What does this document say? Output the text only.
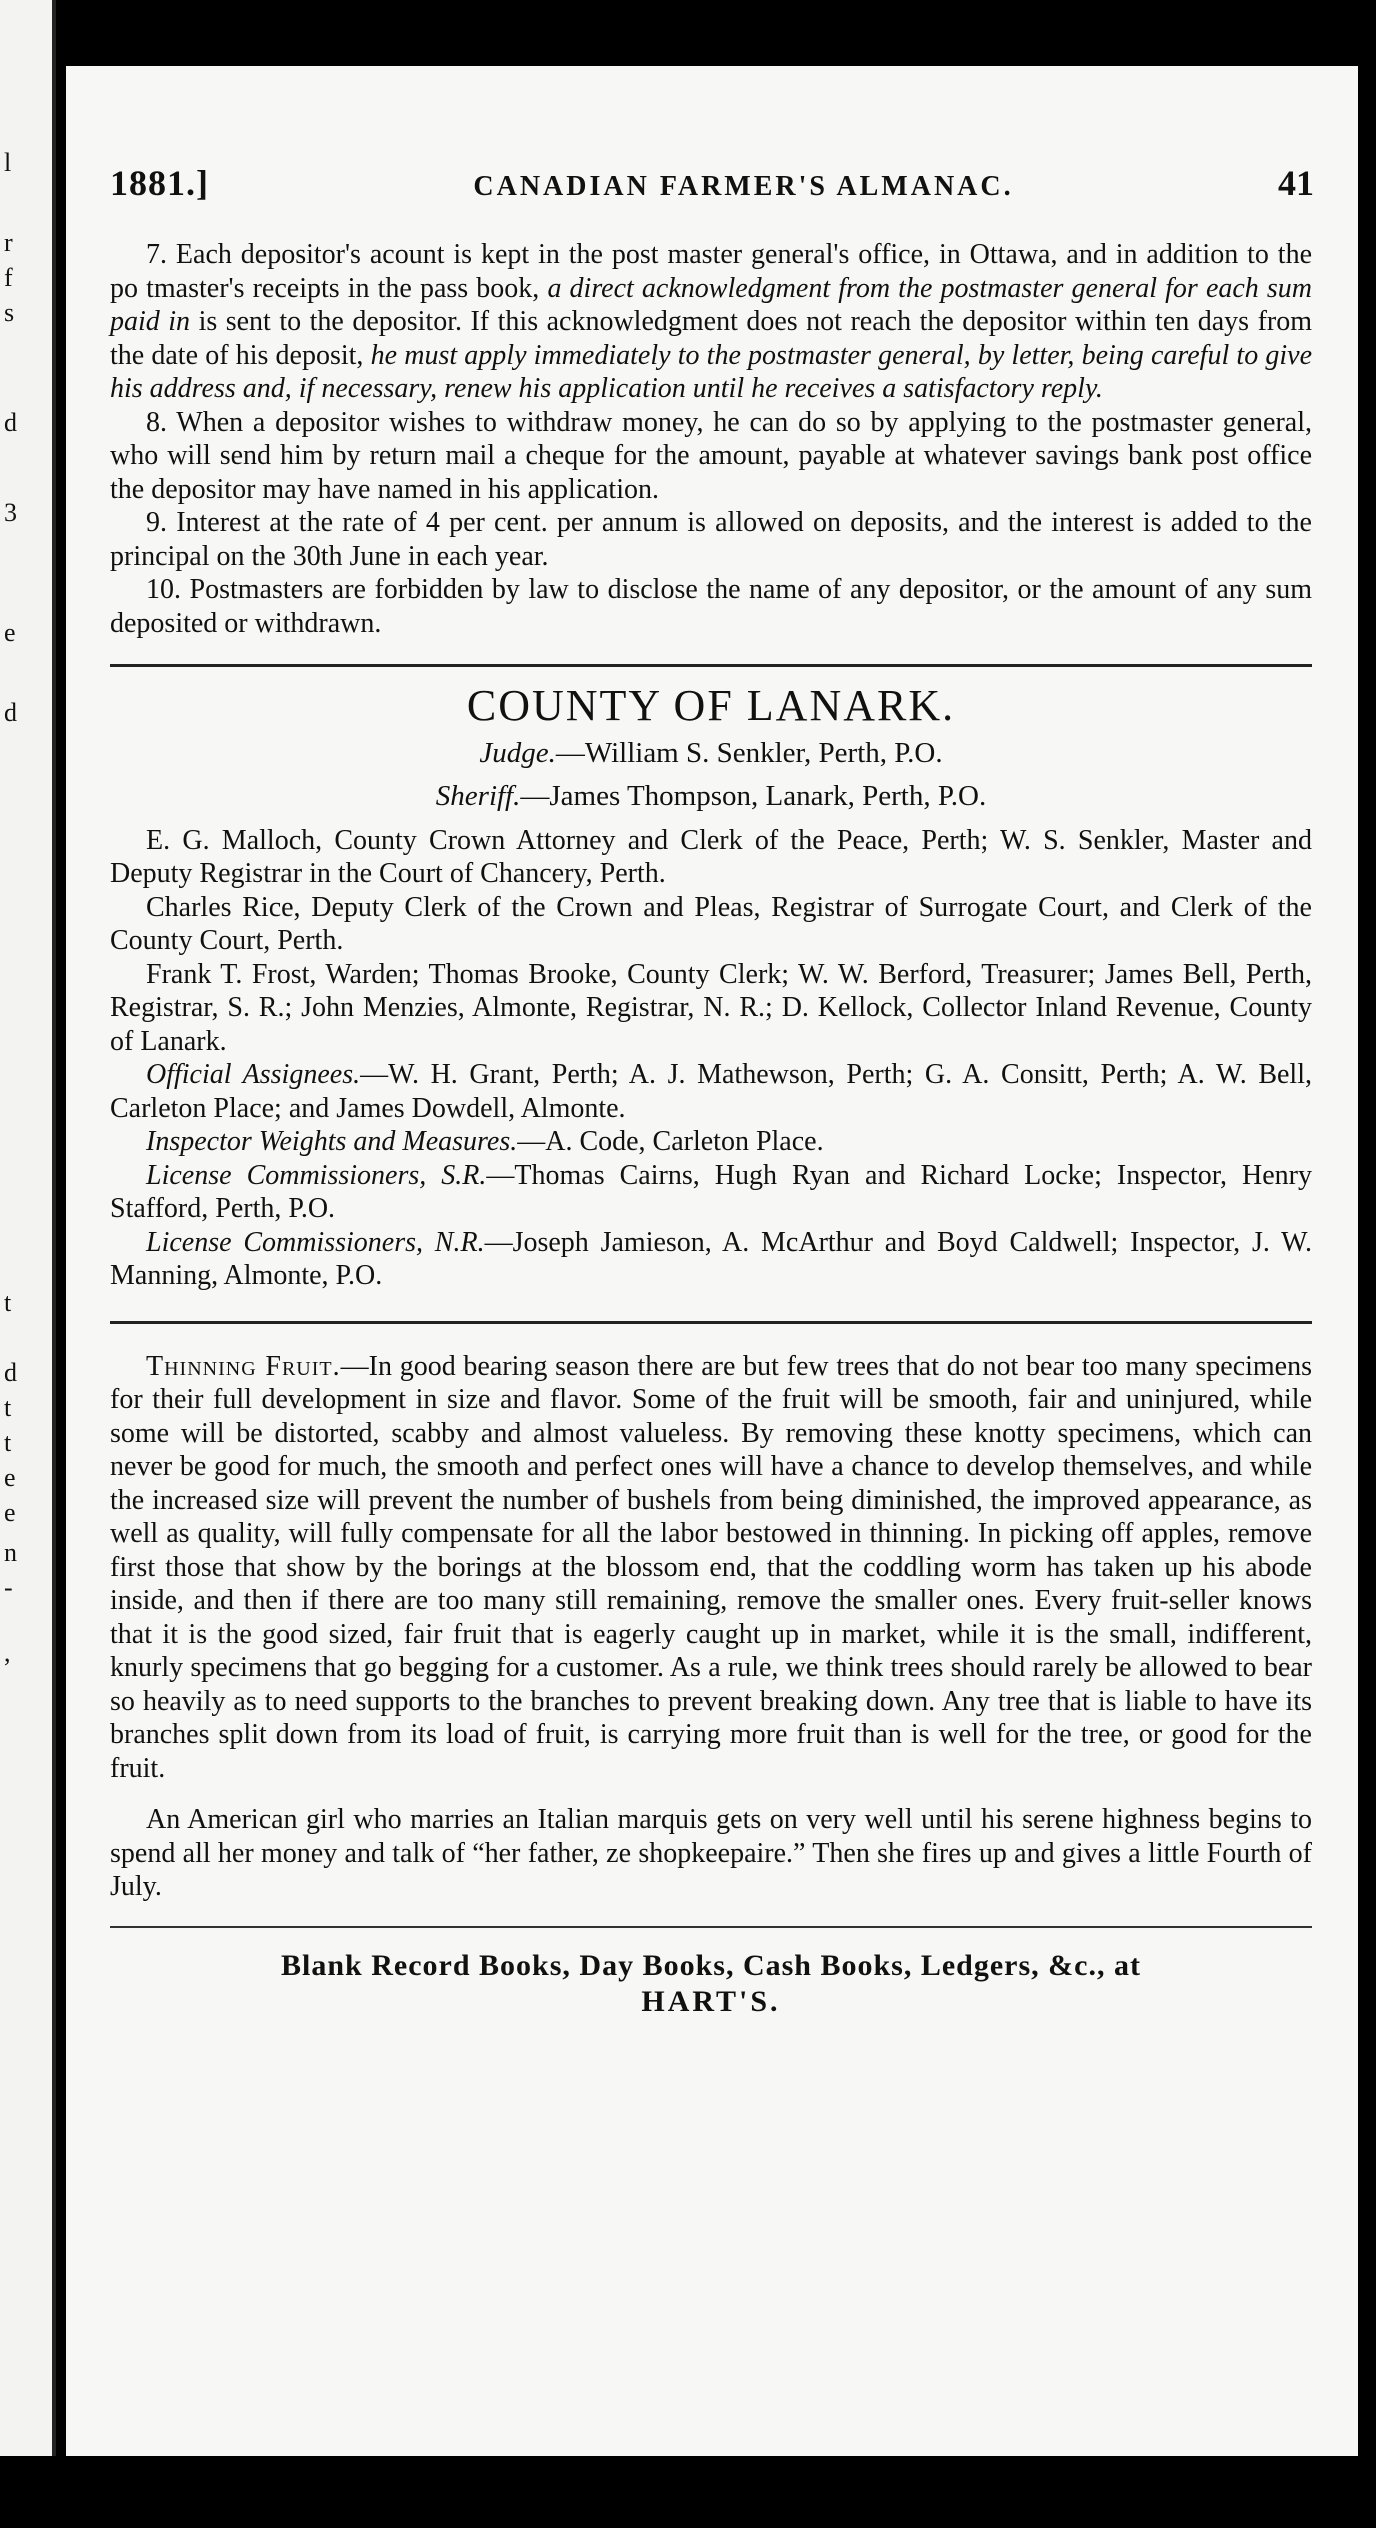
l
r
f
s
d
3
e
d
t
d
t
t
e
e
n
-
,
1881.]	CANADIAN FARMER'S ALMANAC.	41

7. Each depositor's acount is kept in the post master general's office, in Ottawa, and in addition to the po tmaster's receipts in the pass book, a direct acknowledgment from the postmaster general for each sum paid in is sent to the depositor. If this acknowledgment does not reach the depositor within ten days from the date of his deposit, he must apply immediately to the postmaster general, by letter, being careful to give his address and, if necessary, renew his application until he receives a satisfactory reply.

8. When a depositor wishes to withdraw money, he can do so by applying to the postmaster general, who will send him by return mail a cheque for the amount, payable at whatever savings bank post office the depositor may have named in his application.

9. Interest at the rate of 4 per cent. per annum is allowed on deposits, and the interest is added to the principal on the 30th June in each year.

10. Postmasters are forbidden by law to disclose the name of any depositor, or the amount of any sum deposited or withdrawn.

COUNTY OF LANARK.

Judge.—William S. Senkler, Perth, P.O.

Sheriff.—James Thompson, Lanark, Perth, P.O.

E. G. Malloch, County Crown Attorney and Clerk of the Peace, Perth; W. S. Senkler, Master and Deputy Registrar in the Court of Chancery, Perth.

Charles Rice, Deputy Clerk of the Crown and Pleas, Registrar of Surrogate Court, and Clerk of the County Court, Perth.

Frank T. Frost, Warden; Thomas Brooke, County Clerk; W. W. Berford, Treasurer; James Bell, Perth, Registrar, S. R.; John Menzies, Almonte, Registrar, N. R.; D. Kellock, Collector Inland Revenue, County of Lanark.

Official Assignees.—W. H. Grant, Perth; A. J. Mathewson, Perth; G. A. Consitt, Perth; A. W. Bell, Carleton Place; and James Dowdell, Almonte.

Inspector Weights and Measures.—A. Code, Carleton Place.

License Commissioners, S.R.—Thomas Cairns, Hugh Ryan and Richard Locke; Inspector, Henry Stafford, Perth, P.O.

License Commissioners, N.R.—Joseph Jamieson, A. McArthur and Boyd Caldwell; Inspector, J. W. Manning, Almonte, P.O.

Thinning Fruit.—In good bearing season there are but few trees that do not bear too many specimens for their full development in size and flavor. Some of the fruit will be smooth, fair and uninjured, while some will be distorted, scabby and almost valueless. By removing these knotty specimens, which can never be good for much, the smooth and perfect ones will have a chance to develop themselves, and while the increased size will prevent the number of bushels from being diminished, the improved appearance, as well as quality, will fully compensate for all the labor bestowed in thinning. In picking off apples, remove first those that show by the borings at the blossom end, that the coddling worm has taken up his abode inside, and then if there are too many still remaining, remove the smaller ones. Every fruit-seller knows that it is the good sized, fair fruit that is eagerly caught up in market, while it is the small, indifferent, knurly specimens that go begging for a customer. As a rule, we think trees should rarely be allowed to bear so heavily as to need supports to the branches to prevent breaking down. Any tree that is liable to have its branches split down from its load of fruit, is carrying more fruit than is well for the tree, or good for the fruit.

An American girl who marries an Italian marquis gets on very well until his serene highness begins to spend all her money and talk of “her father, ze shopkeepaire.” Then she fires up and gives a little Fourth of July.

Blank Record Books, Day Books, Cash Books, Ledgers, &c., at
HART'S.
